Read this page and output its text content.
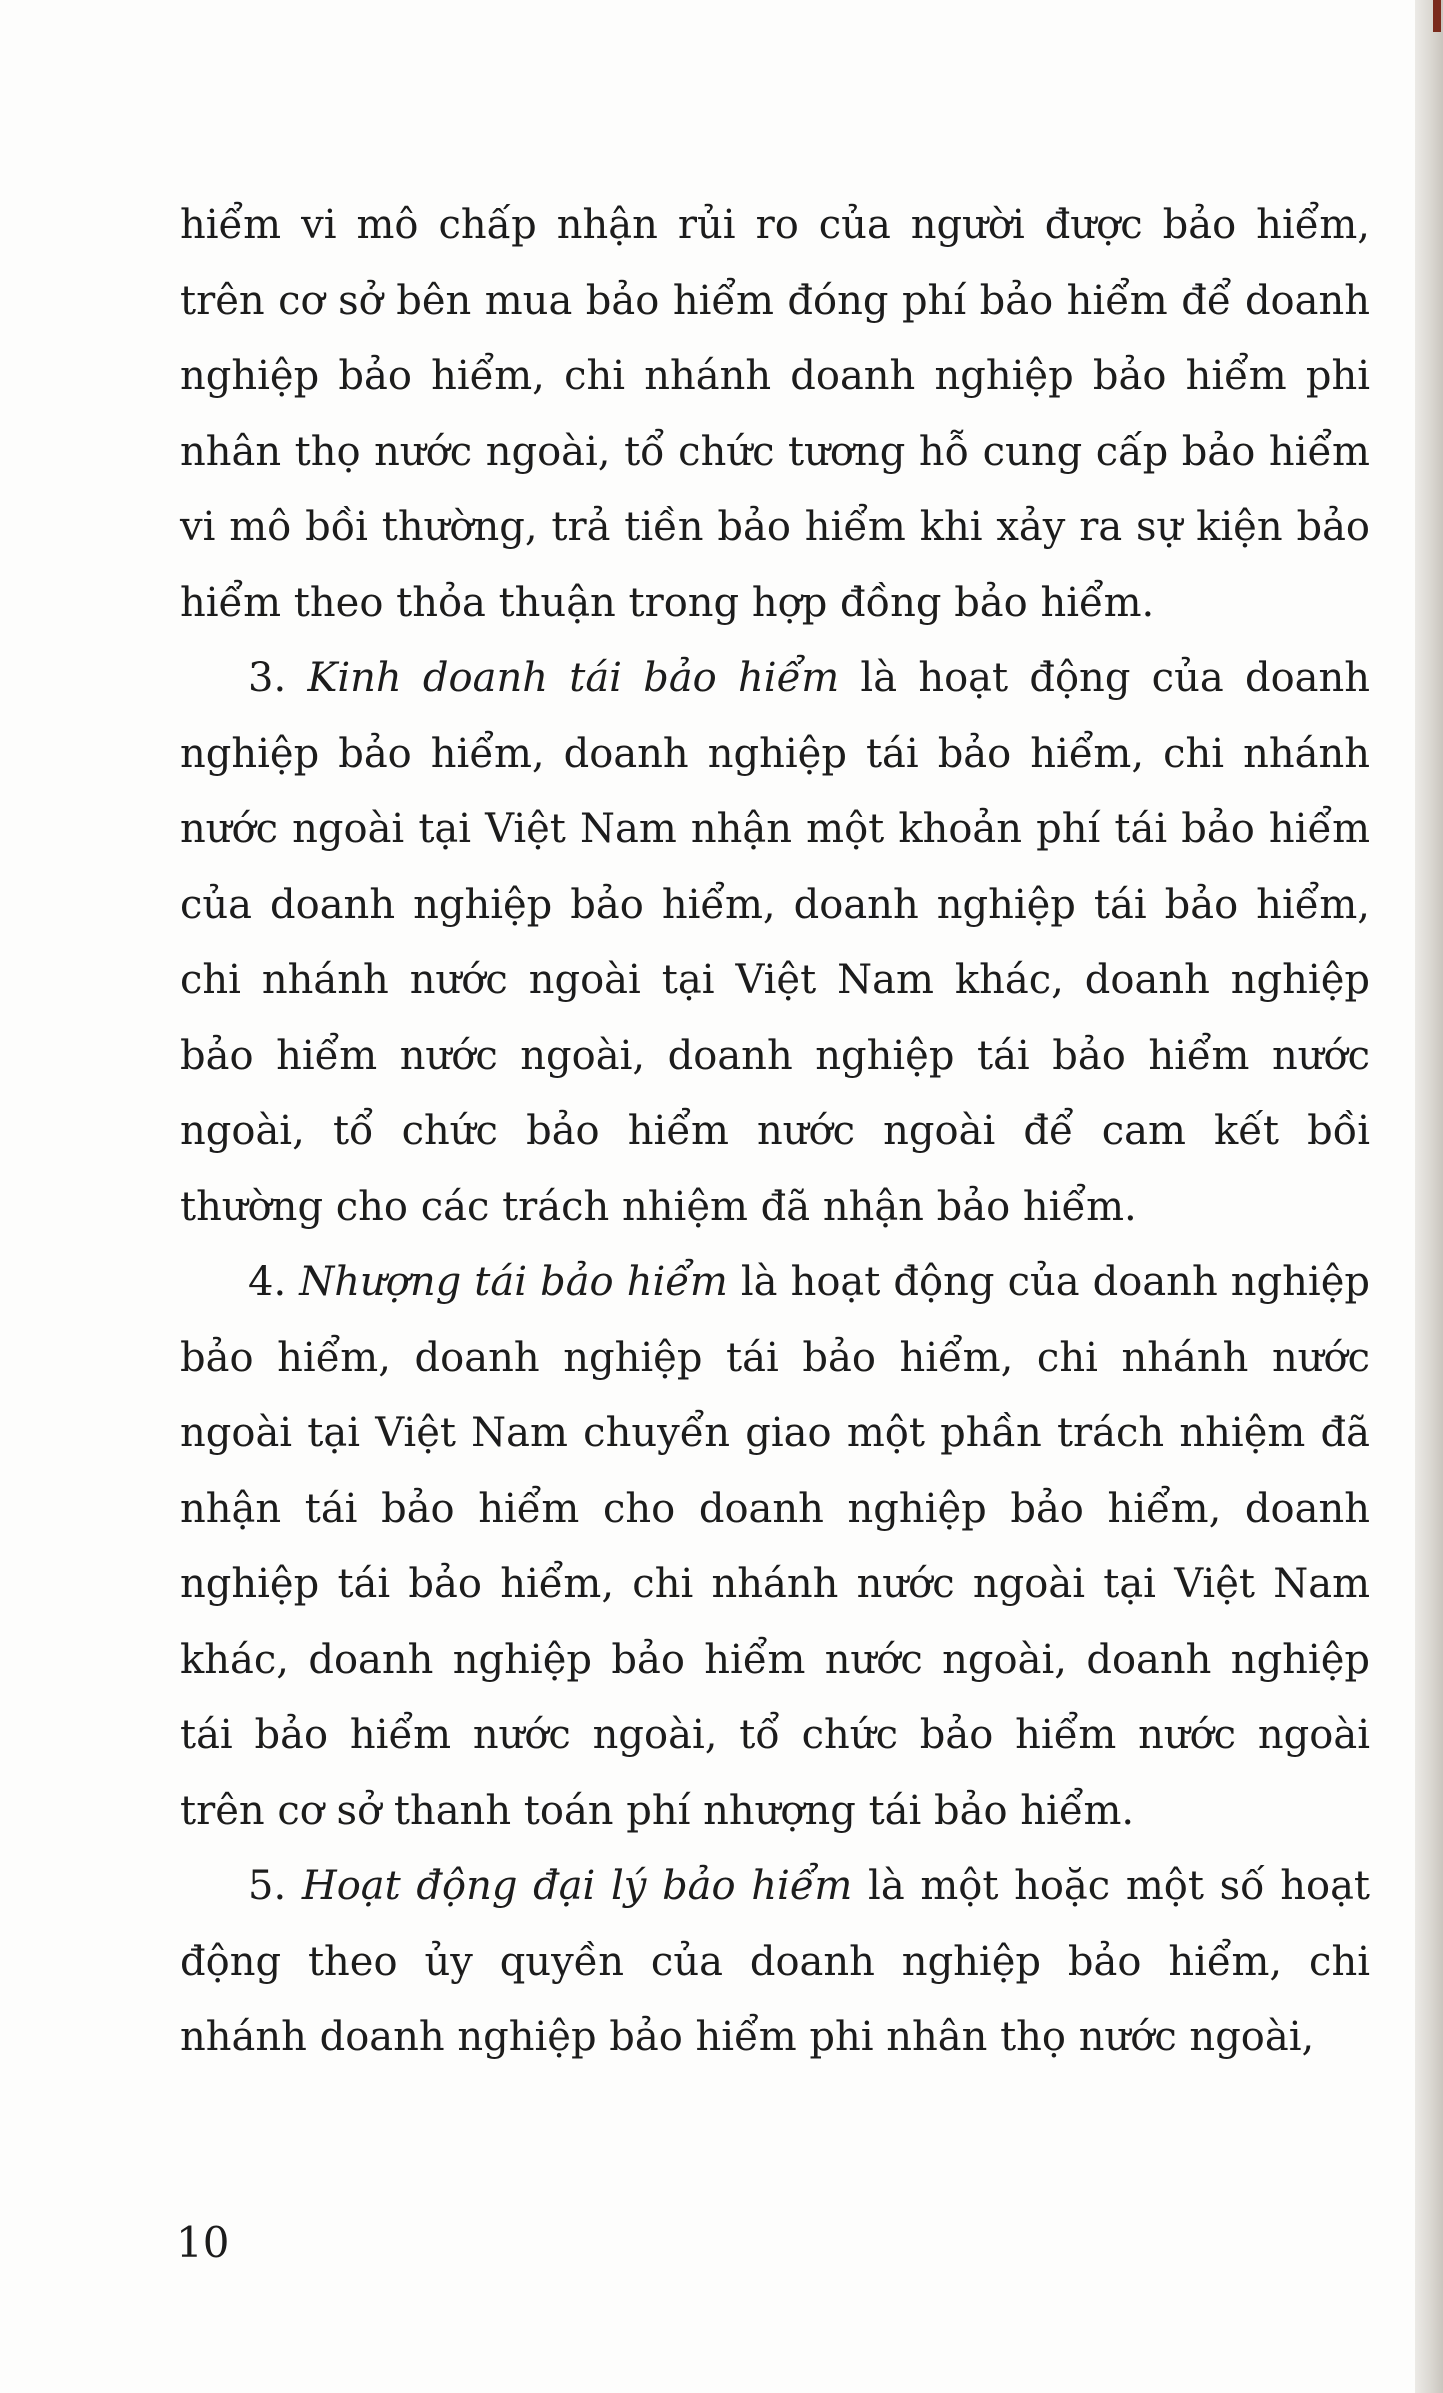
hiểm vi mô chấp nhận rủi ro của người được bảo hiểm, trên cơ sở bên mua bảo hiểm đóng phí bảo hiểm để doanh nghiệp bảo hiểm, chi nhánh doanh nghiệp bảo hiểm phi nhân thọ nước ngoài, tổ chức tương hỗ cung cấp bảo hiểm vi mô bồi thường, trả tiền bảo hiểm khi xảy ra sự kiện bảo hiểm theo thỏa thuận trong hợp đồng bảo hiểm.

3. Kinh doanh tái bảo hiểm là hoạt động của doanh nghiệp bảo hiểm, doanh nghiệp tái bảo hiểm, chi nhánh nước ngoài tại Việt Nam nhận một khoản phí tái bảo hiểm của doanh nghiệp bảo hiểm, doanh nghiệp tái bảo hiểm, chi nhánh nước ngoài tại Việt Nam khác, doanh nghiệp bảo hiểm nước ngoài, doanh nghiệp tái bảo hiểm nước ngoài, tổ chức bảo hiểm nước ngoài để cam kết bồi thường cho các trách nhiệm đã nhận bảo hiểm.

4. Nhượng tái bảo hiểm là hoạt động của doanh nghiệp bảo hiểm, doanh nghiệp tái bảo hiểm, chi nhánh nước ngoài tại Việt Nam chuyển giao một phần trách nhiệm đã nhận tái bảo hiểm cho doanh nghiệp bảo hiểm, doanh nghiệp tái bảo hiểm, chi nhánh nước ngoài tại Việt Nam khác, doanh nghiệp bảo hiểm nước ngoài, doanh nghiệp tái bảo hiểm nước ngoài, tổ chức bảo hiểm nước ngoài trên cơ sở thanh toán phí nhượng tái bảo hiểm.

5. Hoạt động đại lý bảo hiểm là một hoặc một số hoạt động theo ủy quyền của doanh nghiệp bảo hiểm, chi nhánh doanh nghiệp bảo hiểm phi nhân thọ nước ngoài,

10
